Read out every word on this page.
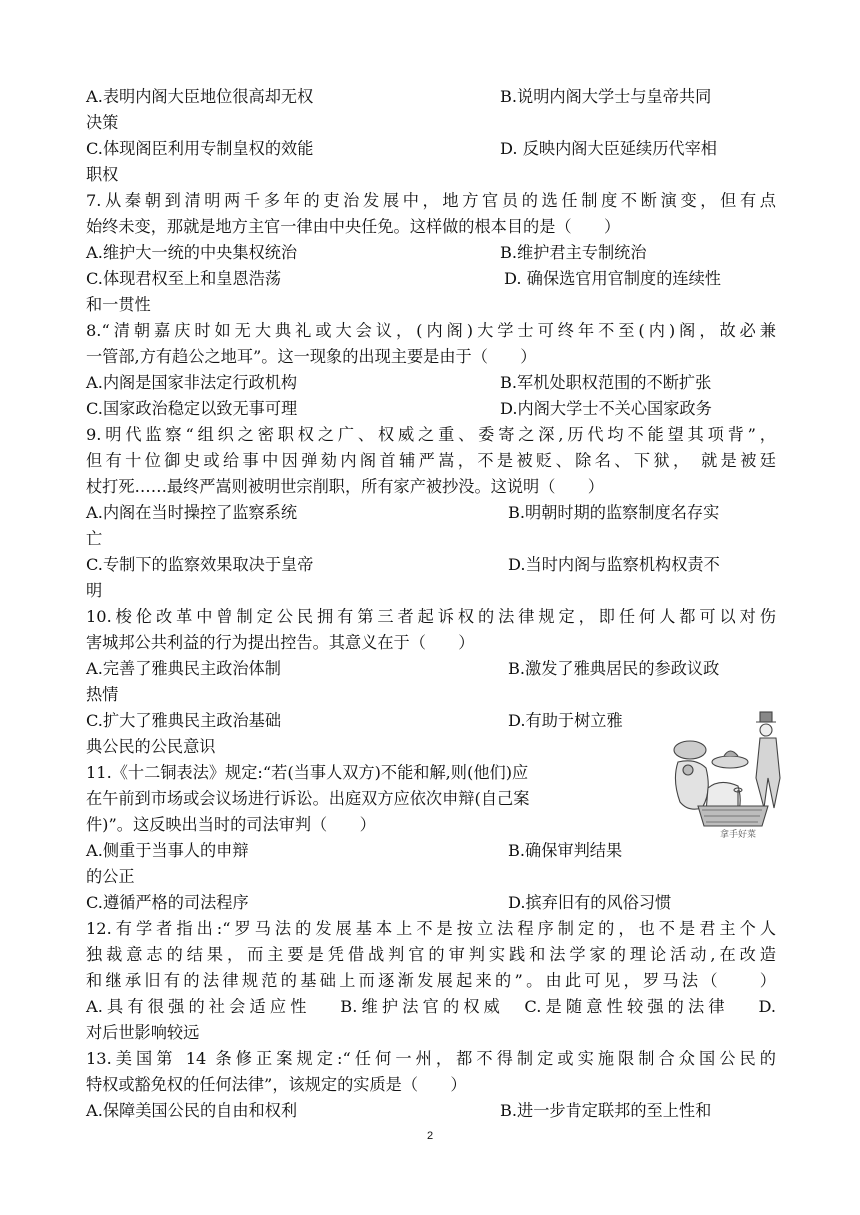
A.表明内阁大臣地位很高却无权	B.说明内阁大学士与皇帝共同
决策
C.体现阁臣利用专制皇权的效能	D. 反映内阁大臣延续历代宰相
职权
7.从秦朝到清明两千多年的吏治发展中，地方官员的选任制度不断演变，但有点
始终未变，那就是地方主官一律由中央任免。这样做的根本目的是（　　）
A.维护大一统的中央集权统治	B.维护君主专制统治
C.体现君权至上和皇恩浩荡	D. 确保选官用官制度的连续性
和一贯性
8.“清朝嘉庆时如无大典礼或大会议，(内阁)大学士可终年不至(内)阁，故必兼
一管部,方有趋公之地耳”。这一现象的出现主要是由于（　　）
A.内阁是国家非法定行政机构	B.军机处职权范围的不断扩张
C.国家政治稳定以致无事可理	D.内阁大学士不关心国家政务
9.明代监察“组织之密职权之广、权威之重、委寄之深,历代均不能望其项背”，
但有十位御史或给事中因弹劾内阁首辅严嵩，不是被贬、除名、下狱， 就是被廷
杖打死……最终严嵩则被明世宗削职，所有家产被抄没。这说明（　　）
A.内阁在当时操控了监察系统	B.明朝时期的监察制度名存实
亡
C.专制下的监察效果取决于皇帝	D.当时内阁与监察机构权责不
明
10.梭伦改革中曾制定公民拥有第三者起诉权的法律规定，即任何人都可以对伤
害城邦公共利益的行为提出控告。其意义在于（　　）
A.完善了雅典民主政治体制	B.激发了雅典居民的参政议政
热情
C.扩大了雅典民主政治基础	D.有助于树立雅
典公民的公民意识
11.《十二铜表法》规定:“若(当事人双方)不能和解,则(他们)应
在午前到市场或会议场进行诉讼。出庭双方应依次申辩(自己案
件)”。这反映出当时的司法审判（　　）
A.侧重于当事人的申辩	B.确保审判结果
的公正
C.遵循严格的司法程序	D.摈弃旧有的风俗习惯
12.有学者指出:“罗马法的发展基本上不是按立法程序制定的，也不是君主个人
独裁意志的结果，而主要是凭借战判官的审判实践和法学家的理论活动,在改造
和继承旧有的法律规范的基础上而逐渐发展起来的”。由此可见，罗马法（　　）
A.具有很强的社会适应性　 B.维护法官的权威　C.是随意性较强的法律　 D.
对后世影响较远
13.美国第 14 条修正案规定:“任何一州，都不得制定或实施限制合众国公民的
特权或豁免权的任何法律”，该规定的实质是（　　）
A.保障美国公民的自由和权利	B.进一步肯定联邦的至上性和
拿手好菜
2
